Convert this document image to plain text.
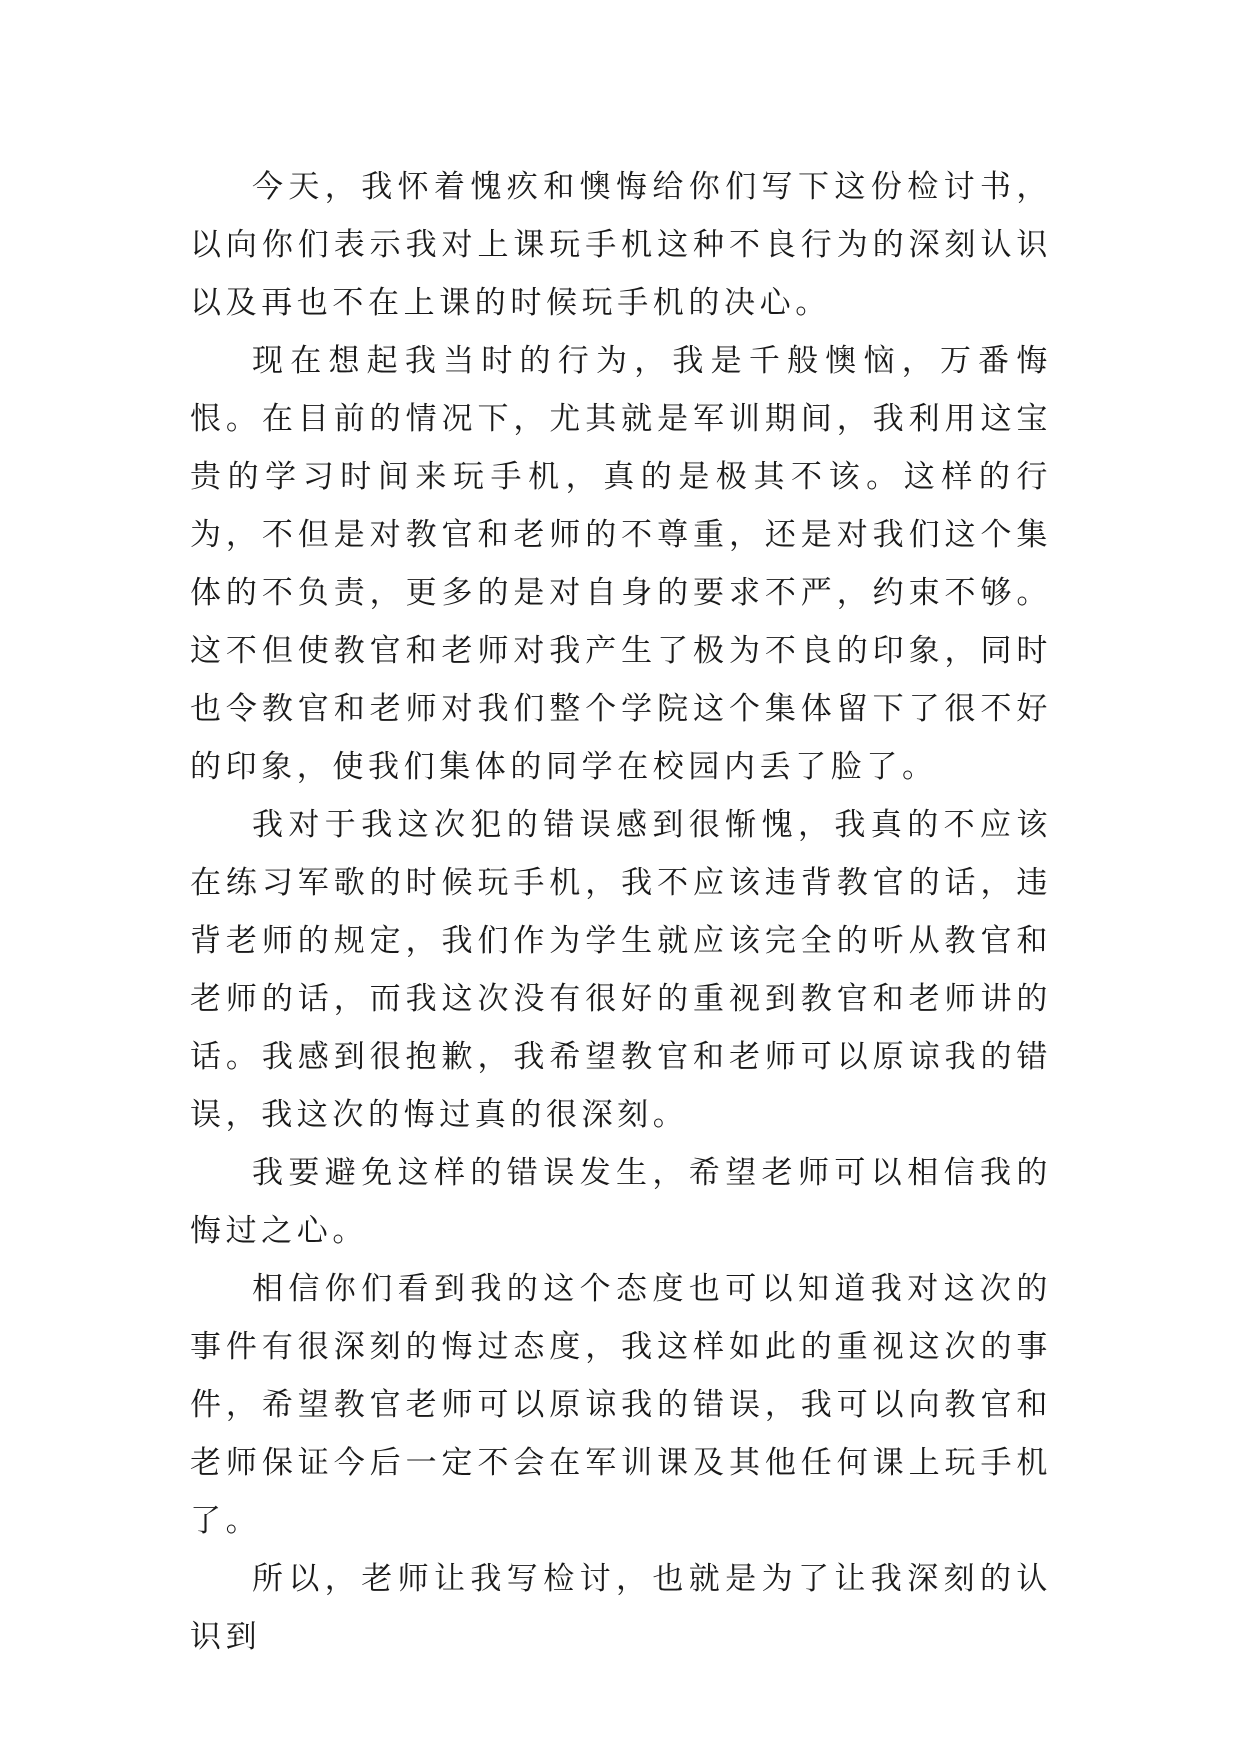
今天，我怀着愧疚和懊悔给你们写下这份检讨书，以向你们表示我对上课玩手机这种不良行为的深刻认识以及再也不在上课的时候玩手机的决心。

现在想起我当时的行为，我是千般懊恼，万番悔恨。在目前的情况下，尤其就是军训期间，我利用这宝贵的学习时间来玩手机，真的是极其不该。这样的行为，不但是对教官和老师的不尊重，还是对我们这个集体的不负责，更多的是对自身的要求不严，约束不够。这不但使教官和老师对我产生了极为不良的印象，同时也令教官和老师对我们整个学院这个集体留下了很不好的印象，使我们集体的同学在校园内丢了脸了。

我对于我这次犯的错误感到很惭愧，我真的不应该在练习军歌的时候玩手机，我不应该违背教官的话，违背老师的规定，我们作为学生就应该完全的听从教官和老师的话，而我这次没有很好的重视到教官和老师讲的话。我感到很抱歉，我希望教官和老师可以原谅我的错误，我这次的悔过真的很深刻。

我要避免这样的错误发生，希望老师可以相信我的悔过之心。

相信你们看到我的这个态度也可以知道我对这次的事件有很深刻的悔过态度，我这样如此的重视这次的事件，希望教官老师可以原谅我的错误，我可以向教官和老师保证今后一定不会在军训课及其他任何课上玩手机了。

所以，老师让我写检讨，也就是为了让我深刻的认识到
